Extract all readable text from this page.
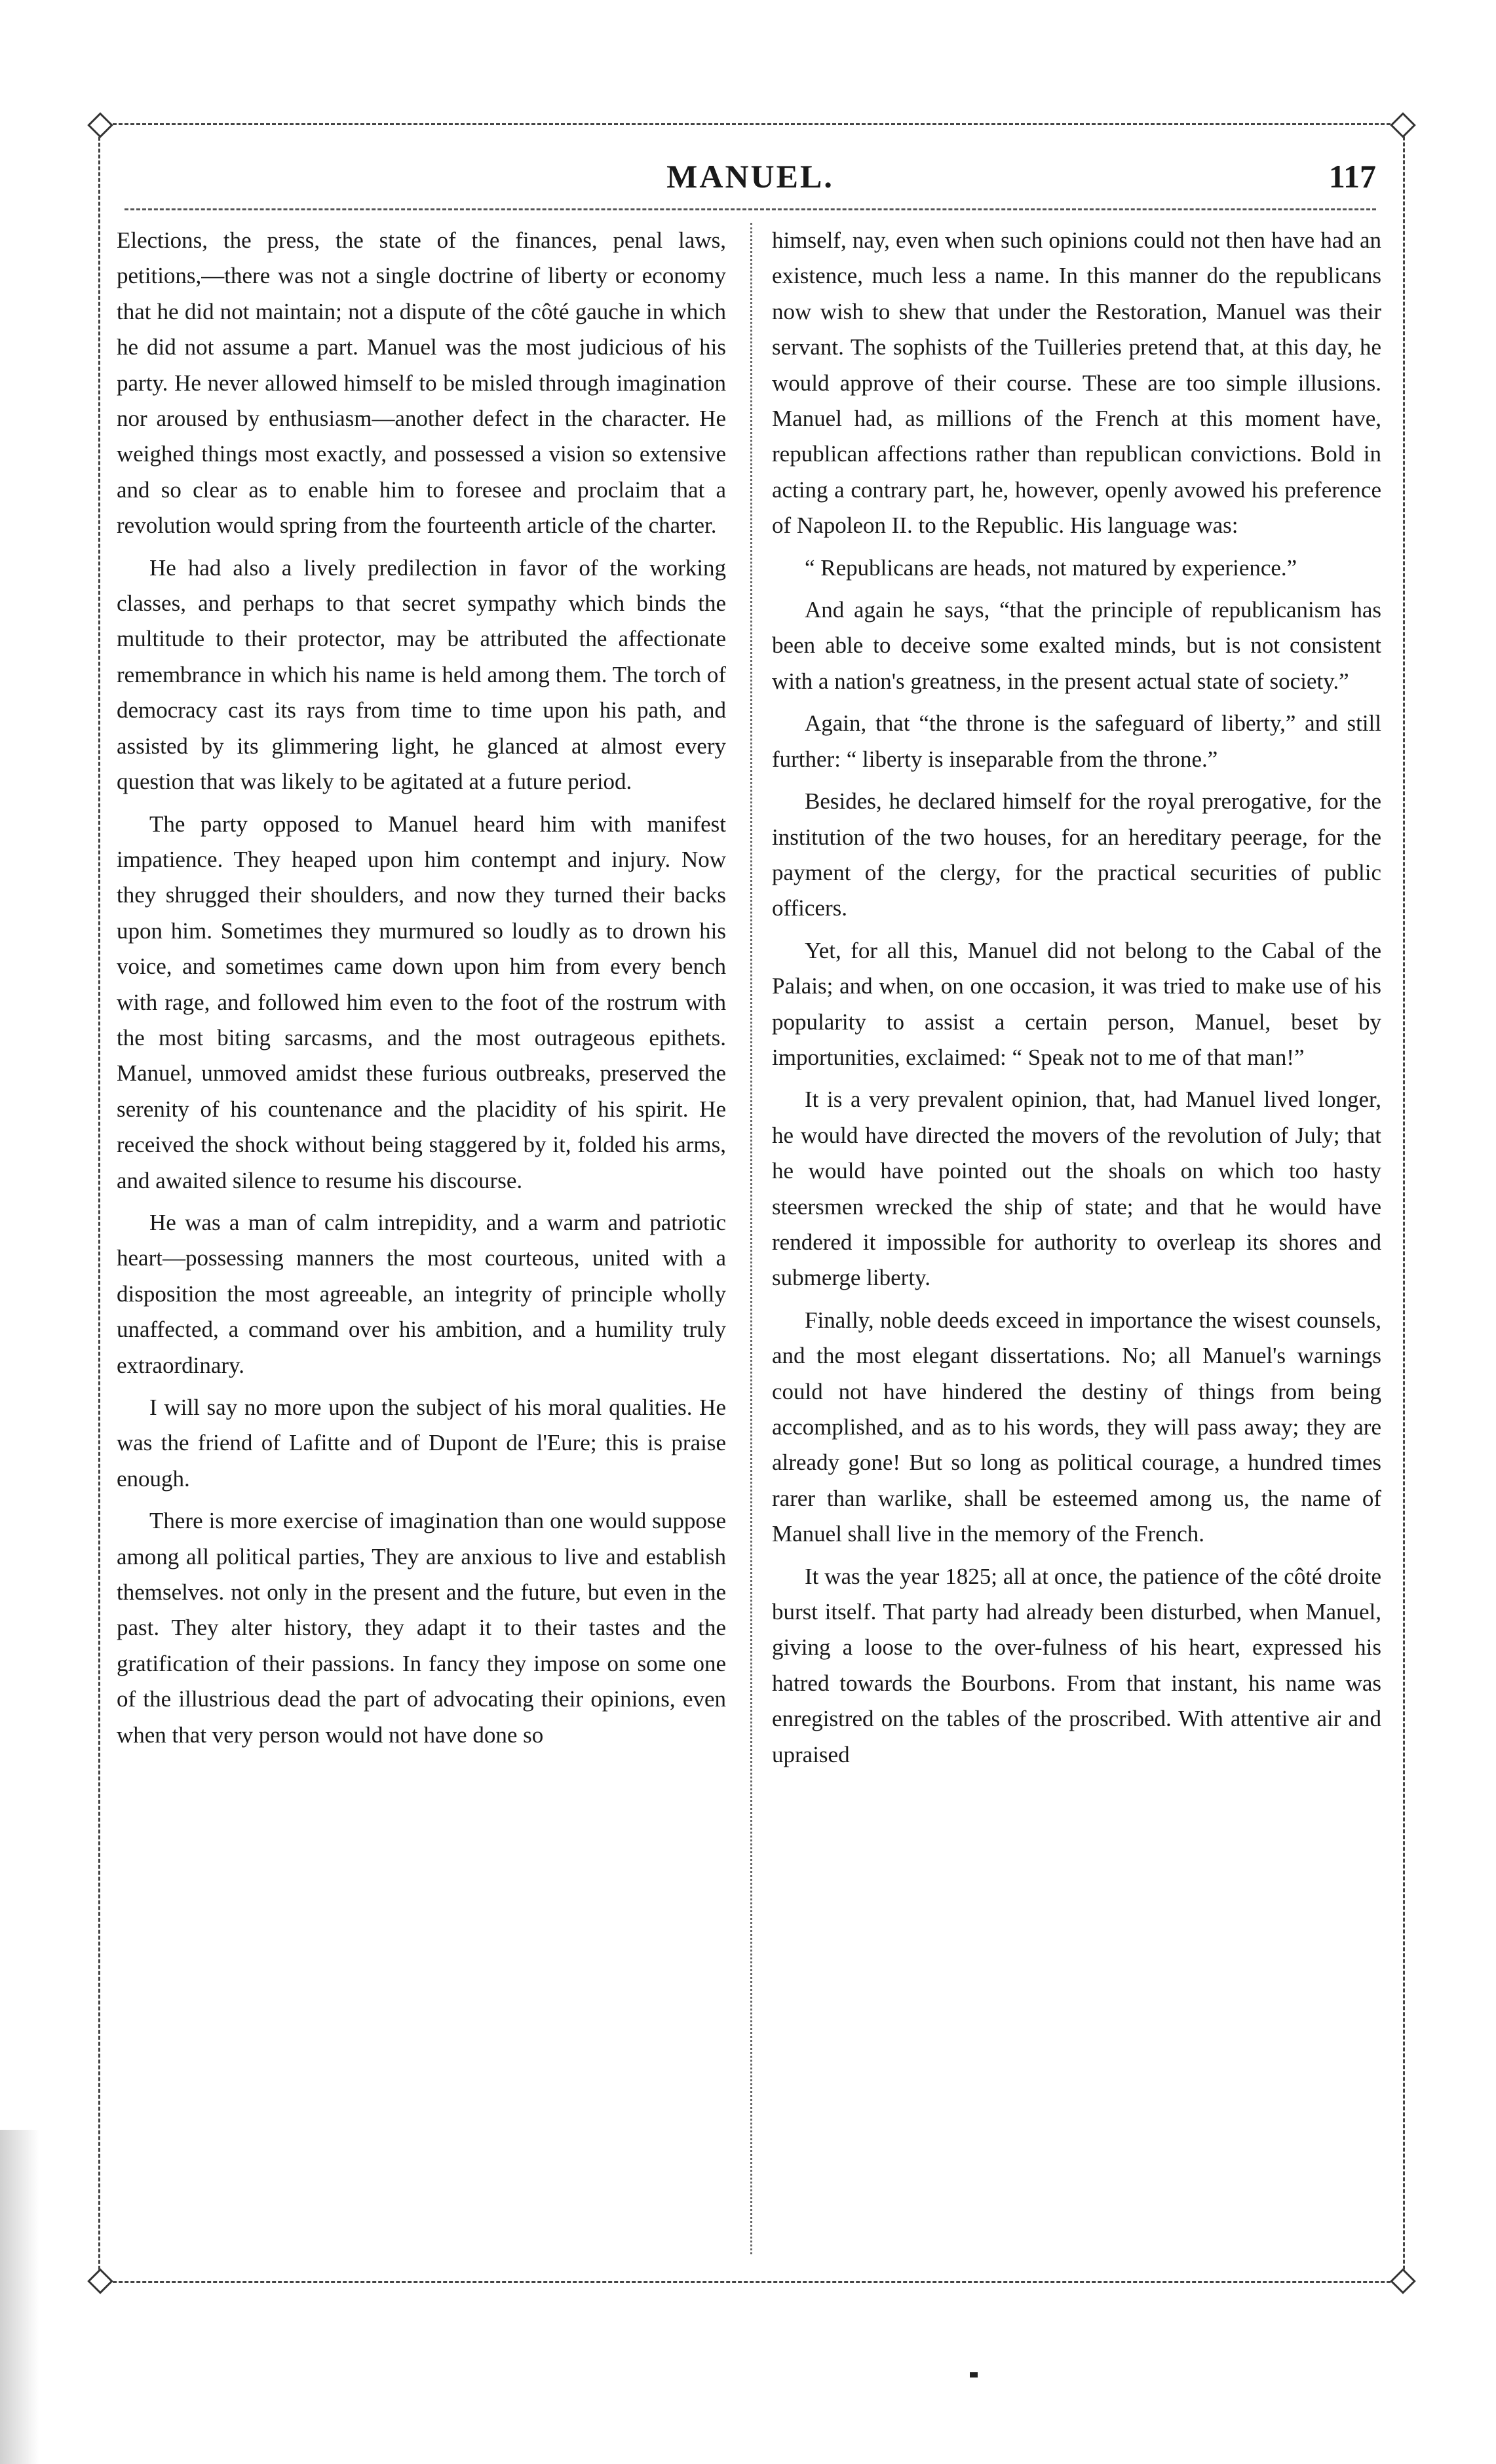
MANUEL.	117

Elections, the press, the state of the finances, penal laws, petitions,—there was not a single doctrine of liberty or economy that he did not maintain; not a dispute of the côté gauche in which he did not assume a part. Manuel was the most judicious of his party. He never allowed himself to be misled through imagination nor aroused by enthusiasm—another defect in the character. He weighed things most exactly, and possessed a vision so extensive and so clear as to enable him to foresee and proclaim that a revolution would spring from the fourteenth article of the charter.

He had also a lively predilection in favor of the working classes, and perhaps to that secret sympathy which binds the multitude to their protector, may be attributed the affectionate remembrance in which his name is held among them. The torch of democracy cast its rays from time to time upon his path, and assisted by its glimmering light, he glanced at almost every question that was likely to be agitated at a future period.

The party opposed to Manuel heard him with manifest impatience. They heaped upon him contempt and injury. Now they shrugged their shoulders, and now they turned their backs upon him. Sometimes they murmured so loudly as to drown his voice, and sometimes came down upon him from every bench with rage, and followed him even to the foot of the rostrum with the most biting sarcasms, and the most outrageous epithets. Manuel, unmoved amidst these furious outbreaks, preserved the serenity of his countenance and the placidity of his spirit. He received the shock without being staggered by it, folded his arms, and awaited silence to resume his discourse.

He was a man of calm intrepidity, and a warm and patriotic heart—possessing manners the most courteous, united with a disposition the most agreeable, an integrity of principle wholly unaffected, a command over his ambition, and a humility truly extraordinary.

I will say no more upon the subject of his moral qualities. He was the friend of Lafitte and of Dupont de l'Eure; this is praise enough.

There is more exercise of imagination than one would suppose among all political parties, They are anxious to live and establish themselves. not only in the present and the future, but even in the past. They alter history, they adapt it to their tastes and the gratification of their passions. In fancy they impose on some one of the illustrious dead the part of advocating their opinions, even when that very person would not have done so

himself, nay, even when such opinions could not then have had an existence, much less a name. In this manner do the republicans now wish to shew that under the Restoration, Manuel was their servant. The sophists of the Tuilleries pretend that, at this day, he would approve of their course. These are too simple illusions. Manuel had, as millions of the French at this moment have, republican affections rather than republican convictions. Bold in acting a contrary part, he, however, openly avowed his preference of Napoleon II. to the Republic. His language was:

“ Republicans are heads, not matured by experience.”

And again he says, “that the principle of republicanism has been able to deceive some exalted minds, but is not consistent with a nation's greatness, in the present actual state of society.”

Again, that “the throne is the safeguard of liberty,” and still further: “ liberty is inseparable from the throne.”

Besides, he declared himself for the royal prerogative, for the institution of the two houses, for an hereditary peerage, for the payment of the clergy, for the practical securities of public officers.

Yet, for all this, Manuel did not belong to the Cabal of the Palais; and when, on one occasion, it was tried to make use of his popularity to assist a certain person, Manuel, beset by importunities, exclaimed: “ Speak not to me of that man!”

It is a very prevalent opinion, that, had Manuel lived longer, he would have directed the movers of the revolution of July; that he would have pointed out the shoals on which too hasty steersmen wrecked the ship of state; and that he would have rendered it impossible for authority to overleap its shores and submerge liberty.

Finally, noble deeds exceed in importance the wisest counsels, and the most elegant dissertations. No; all Manuel's warnings could not have hindered the destiny of things from being accomplished, and as to his words, they will pass away; they are already gone! But so long as political courage, a hundred times rarer than warlike, shall be esteemed among us, the name of Manuel shall live in the memory of the French.

It was the year 1825; all at once, the patience of the côté droite burst itself. That party had already been disturbed, when Manuel, giving a loose to the over-fulness of his heart, expressed his hatred towards the Bourbons. From that instant, his name was enregistred on the tables of the proscribed. With attentive air and upraised
